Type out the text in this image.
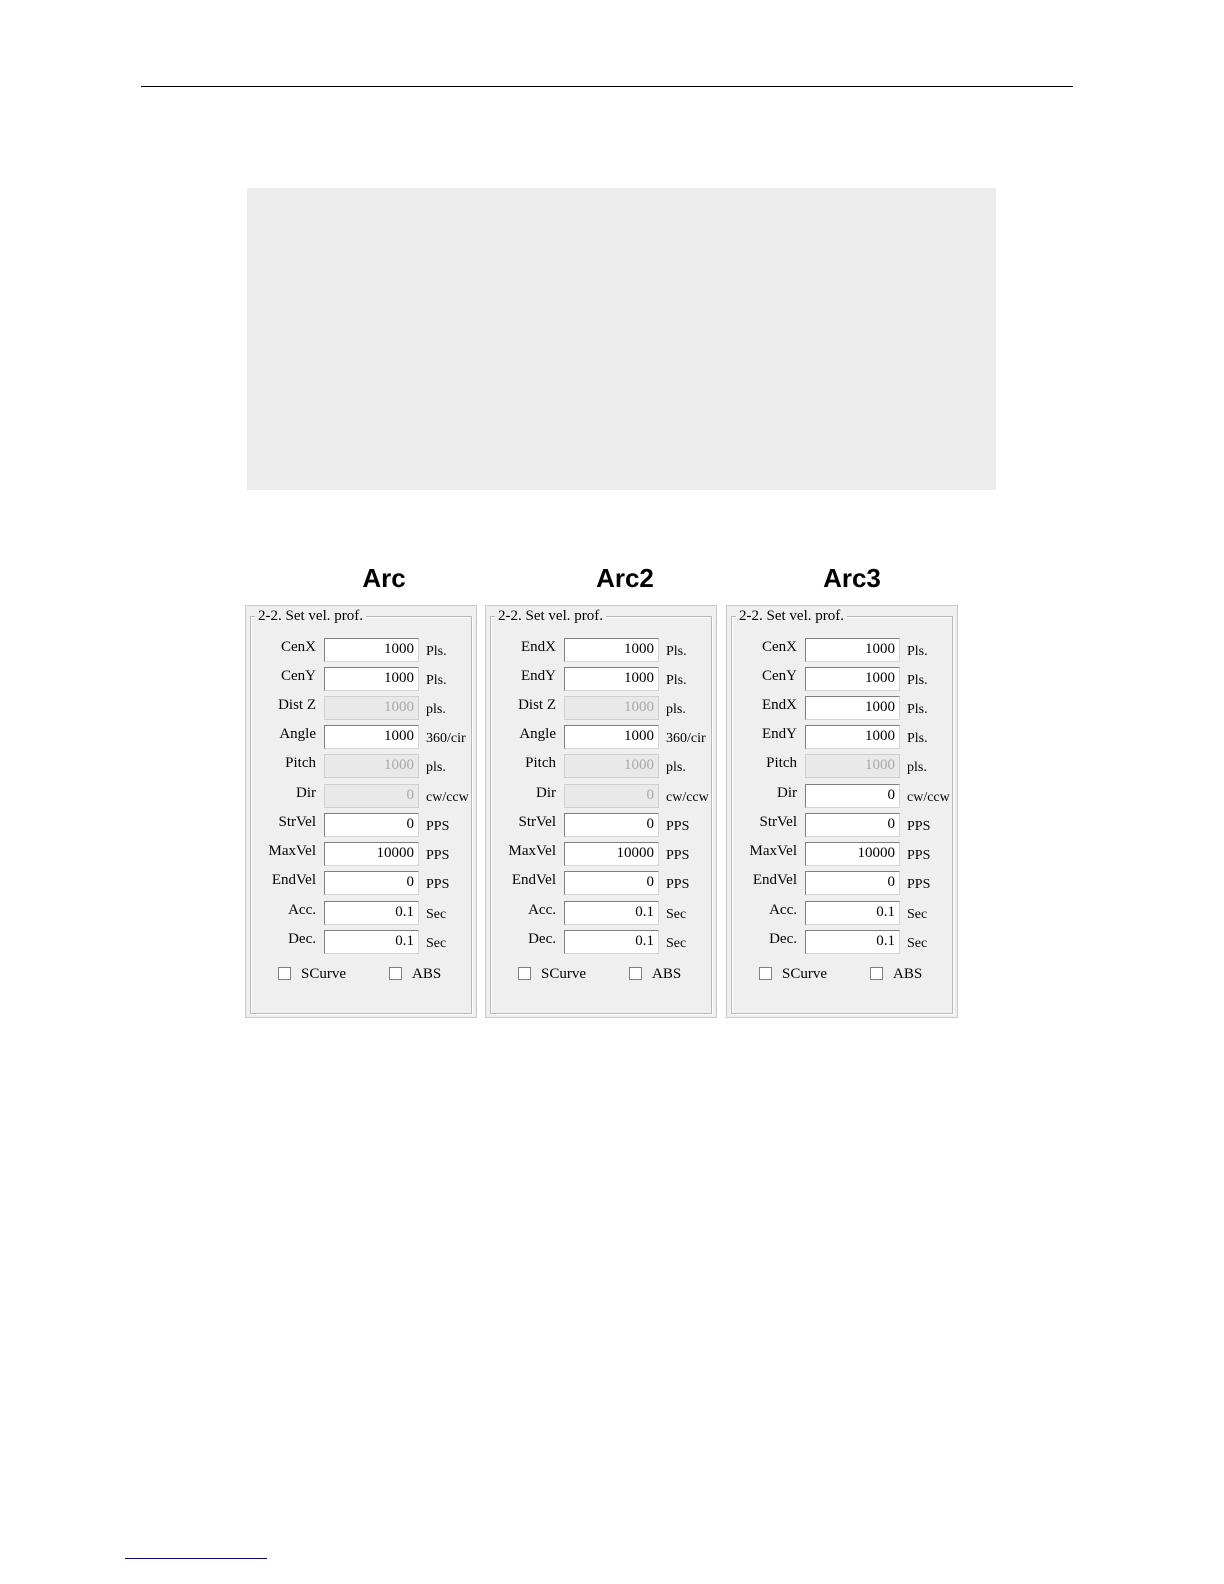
Arc
2-2. Set vel. prof.
CenX	1000 Pls.
CenY	1000 Pls.
Dist Z	1000 pls.
Angle	1000 360/cir
Pitch	1000 pls.
Dir	0 cw/ccw
StrVel	0 PPS
MaxVel	10000 PPS
EndVel	0 PPS
Acc.	0.1 Sec
Dec.	0.1 Sec
SCurve	ABS
Arc2
2-2. Set vel. prof.
EndX	1000 Pls.
EndY	1000 Pls.
Dist Z	1000 pls.
Angle	1000 360/cir
Pitch	1000 pls.
Dir	0 cw/ccw
StrVel	0 PPS
MaxVel	10000 PPS
EndVel	0 PPS
Acc.	0.1 Sec
Dec.	0.1 Sec
SCurve	ABS
Arc3
2-2. Set vel. prof.
CenX	1000 Pls.
CenY	1000 Pls.
EndX	1000 Pls.
EndY	1000 Pls.
Pitch	1000 pls.
Dir	0 cw/ccw
StrVel	0 PPS
MaxVel	10000 PPS
EndVel	0 PPS
Acc.	0.1 Sec
Dec.	0.1 Sec
SCurve	ABS
